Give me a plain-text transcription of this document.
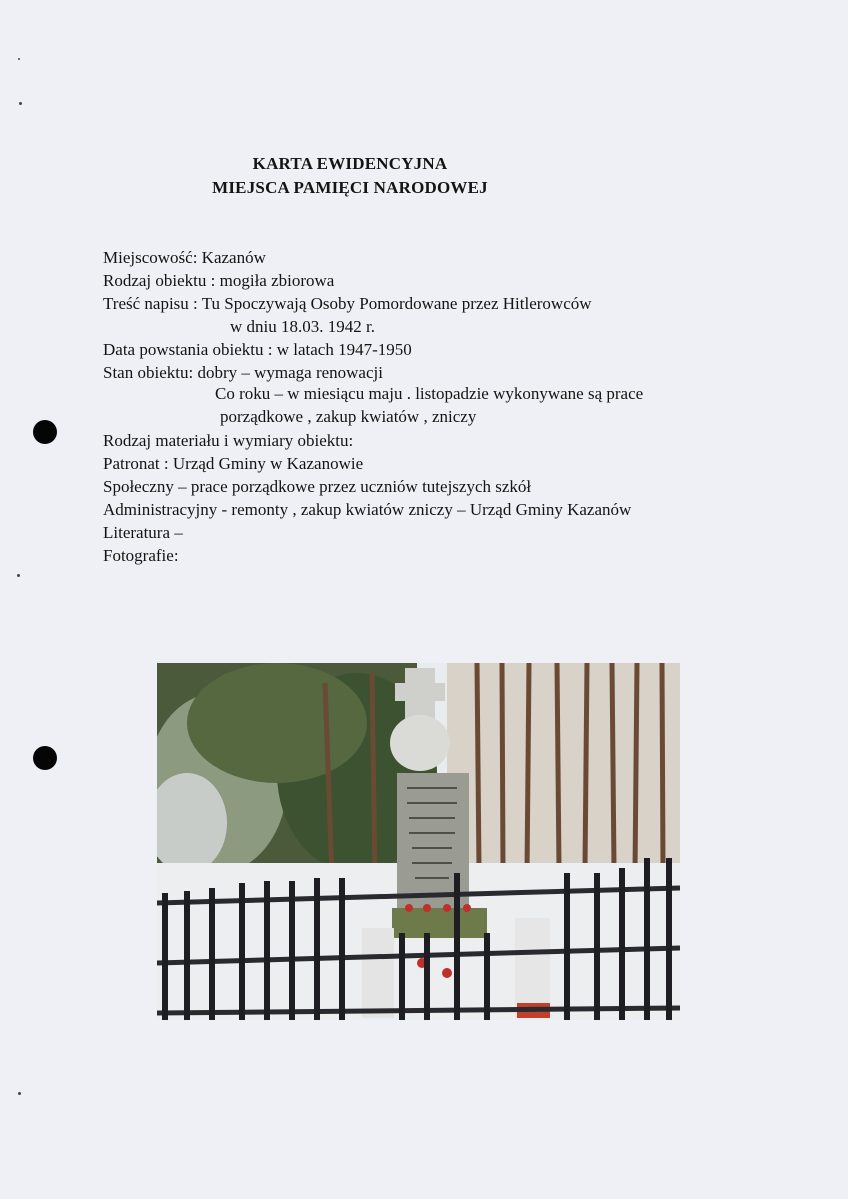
KARTA EWIDENCYJNA
MIEJSCA PAMIĘCI NARODOWEJ
Miejscowość: Kazanów
Rodzaj obiektu : mogiła zbiorowa
Treść napisu : Tu Spoczywają Osoby Pomordowane przez Hitlerowców
w dniu 18.03. 1942 r.
Data powstania obiektu : w latach 1947-1950
Stan obiektu: dobry – wymaga renowacji
Co roku – w miesiącu maju . listopadzie wykonywane są prace
porządkowe , zakup kwiatów , zniczy
Rodzaj materiału i wymiary obiektu:
Patronat : Urząd Gminy w Kazanowie
Społeczny – prace porządkowe przez uczniów tutejszych szkół
Administracyjny - remonty , zakup kwiatów zniczy – Urząd Gminy Kazanów
Literatura –
Fotografie:
